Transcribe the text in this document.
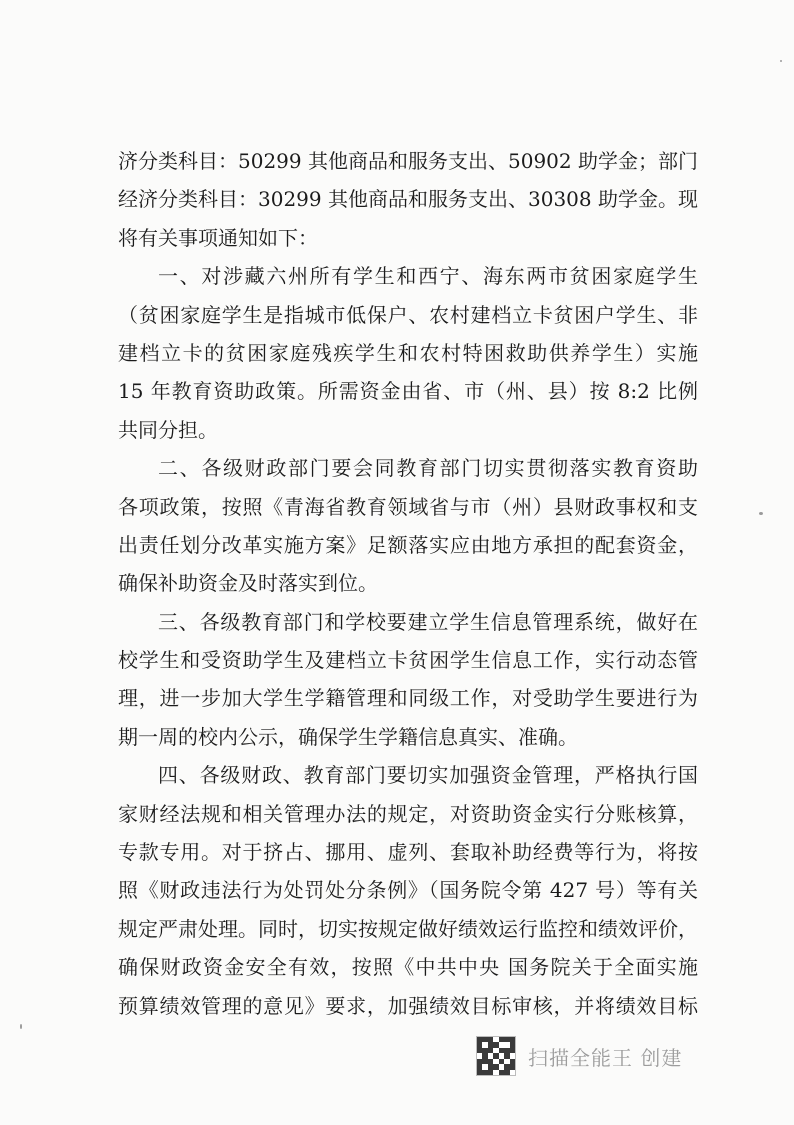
济分类科目：50299 其他商品和服务支出、50902 助学金；部门
经济分类科目：30299 其他商品和服务支出、30308 助学金。现
将有关事项通知如下：
一、对涉藏六州所有学生和西宁、海东两市贫困家庭学生
（贫困家庭学生是指城市低保户、农村建档立卡贫困户学生、非
建档立卡的贫困家庭残疾学生和农村特困救助供养学生）实施
15 年教育资助政策。所需资金由省、市（州、县）按 8:2 比例
共同分担。
二、各级财政部门要会同教育部门切实贯彻落实教育资助
各项政策，按照《青海省教育领域省与市（州）县财政事权和支
出责任划分改革实施方案》足额落实应由地方承担的配套资金，
确保补助资金及时落实到位。
三、各级教育部门和学校要建立学生信息管理系统，做好在
校学生和受资助学生及建档立卡贫困学生信息工作，实行动态管
理，进一步加大学生学籍管理和同级工作，对受助学生要进行为
期一周的校内公示，确保学生学籍信息真实、准确。
四、各级财政、教育部门要切实加强资金管理，严格执行国
家财经法规和相关管理办法的规定，对资助资金实行分账核算，
专款专用。对于挤占、挪用、虚列、套取补助经费等行为，将按
照《财政违法行为处罚处分条例》（国务院令第 427 号）等有关
规定严肃处理。同时，切实按规定做好绩效运行监控和绩效评价，
确保财政资金安全有效，按照《中共中央 国务院关于全面实施
预算绩效管理的意见》要求，加强绩效目标审核，并将绩效目标
扫描全能王 创建
